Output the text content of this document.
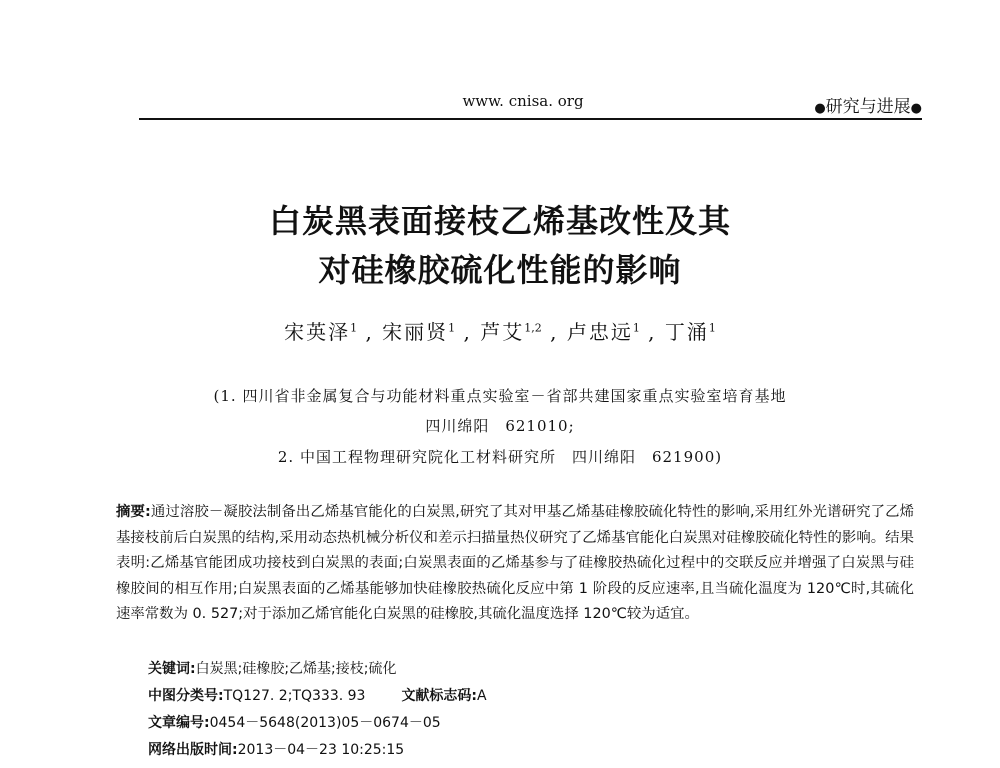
www. cnisa. org	●研究与进展●
白炭黑表面接枝乙烯基改性及其
对硅橡胶硫化性能的影响
宋英泽$^1$ , 宋丽贤$^1$ , 芦艾$^{1,2}$ , 卢忠远$^1$ , 丁涌$^1$
(1. 四川省非金属复合与功能材料重点实验室－省部共建国家重点实验室培育基地
四川绵阳　621010;
2. 中国工程物理研究院化工材料研究所　四川绵阳　621900)
摘要:通过溶胶－凝胶法制备出乙烯基官能化的白炭黑,研究了其对甲基乙烯基硅橡胶硫化特性的影响,采用红外光谱研究了乙烯基接枝前后白炭黑的结构,采用动态热机械分析仪和差示扫描量热仪研究了乙烯基官能化白炭黑对硅橡胶硫化特性的影响。结果表明:乙烯基官能团成功接枝到白炭黑的表面;白炭黑表面的乙烯基参与了硅橡胶热硫化过程中的交联反应并增强了白炭黑与硅橡胶间的相互作用;白炭黑表面的乙烯基能够加快硅橡胶热硫化反应中第 1 阶段的反应速率,且当硫化温度为 120℃时,其硫化速率常数为 0. 527;对于添加乙烯官能化白炭黑的硅橡胶,其硫化温度选择 120℃较为适宜。
关键词:白炭黑;硅橡胶;乙烯基;接枝;硫化
中图分类号:TQ127. 2;TQ333. 93	文献标志码:A
文章编号:0454－5648(2013)05－0674－05
网络出版时间:2013－04－23 10:25:15
